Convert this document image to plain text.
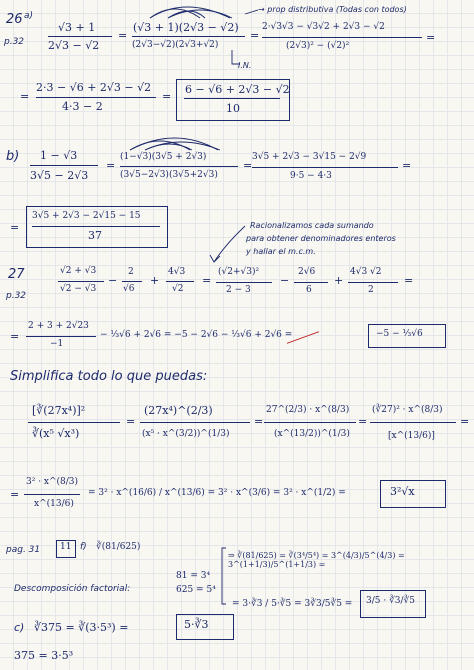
26 a)
p.32
√3 + 1
2√3 − √2
=
(√3 + 1)(2√3 − √2)
(2√3−√2)(2√3+√2)
=
2·√3√3 − √3√2 + 2√3 − √2
(2√3)² − (√2)²
=
→ prop distributiva (Todas con todos)
I.N.
=
2·3 − √6 + 2√3 − √2
4·3 − 2
=
6 − √6 + 2√3 − √2
10
b) 1 − √3
3√5 − 2√3
=
(1−√3)(3√5 + 2√3)
(3√5−2√3)(3√5+2√3)
=
3√5 + 2√3 − 3√15 − 2√9
9·5 − 4·3
=
=
3√5 + 2√3 − 2√15 − 15
37
Racionalizamos cada sumando
para obtener denominadores enteros
y hallar el m.c.m.
27
p.32
√2 + √3
√2 − √3
−
2
√6
+
4√3
√2
=
(√2+√3)²
2 − 3
−
2√6
6
+
4√3 √2
2
=
=
2 + 3 + 2√23
−1
− ⅓√6 + 2√6 = −5 − 2√6 − ⅓√6 + 2√6 =	−5 − ⅓√6
Simplifica todo lo que puedas:
[∛(27x⁴)]²
∛(x⁵ √x³)
=
(27x⁴)^(2/3)
(x⁵ · x^(3/2))^(1/3)
=
27^(2/3) · x^(8/3)
(x^(13/2))^(1/3)
=
(∛27)² · x^(8/3)
[x^(13/6)]
=
=
3² · x^(8/3)
x^(13/6)
= 3² · x^(16/6) / x^(13/6) = 3² · x^(3/6) = 3² · x^(1/2) =	3²√x
pag. 31 11 f) ∛(81/625)
Descomposición factorial:
81 = 3⁴
625 = 5⁴
⇒ ∛(81/625) = ∛(3⁴/5⁴) = 3^(4/3)/5^(4/3) = 3^(1+1/3)/5^(1+1/3) =
= 3·∛3 / 5·∛5 = 3∛3/5∛5 = 3/5 · ∛3/∛5
c) ∛375 = ∛(3·5³) =	5·∛3
375 = 3·5³
